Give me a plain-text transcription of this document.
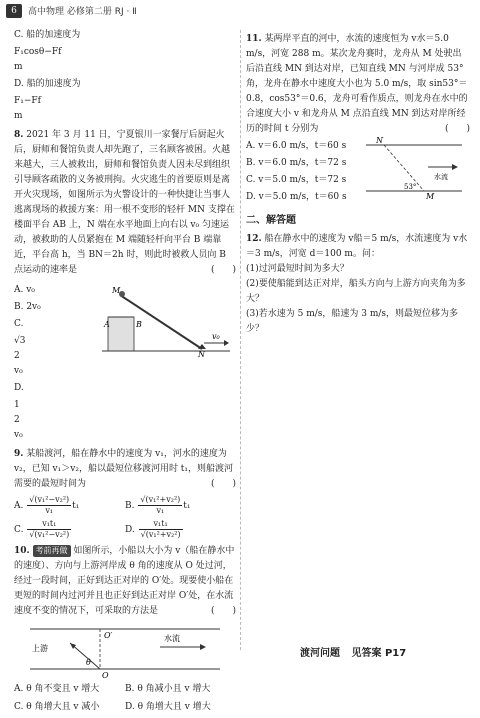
6	高中物理 必修第二册 RJ · Ⅱ

C. 船的加速度为

F₁cosθ−Ff
m

D. 船的加速度为

F₁−Ff
m

8. 2021 年 3 月 11 日，宁夏银川一家餐厅后厨起火后，厨师和餐馆负责人却先跑了，三名顾客被困。火越来越大，三人被救出，厨师和餐馆负责人因未尽到组织引导顾客疏散的义务被刑拘。火灾逃生的首要原则是离开火灾现场，如图所示为火警设计的一种快捷让当事人逃离现场的救援方案：用一根不变形的轻杆 MN 支撑在楼面平台 AB 上，N 端在水平地面上向右以 v₀ 匀速运动，被救助的人员紧抱在 M 端随轻杆向平台 B 端靠近，平台高 h，当 BN＝2h 时，则此时被救人员向 B 点运动的速率是	(　　)

A. v₀

B. 2v₀

C.

√3
2
v₀

D.

1
2
v₀

M
A	B
N
v₀

9. 某船渡河，船在静水中的速度为 v₁，河水的速度为 v₂，已知 v₁＞v₂，船以最短位移渡河用时 t₁，则船渡河需要的最短时间为	(　　)

A. $\frac{\text{√(v₁²−v₂²)}}{\text{v₁}} t_1$	B. $\frac{\text{√(v₁²+v₂²)}}{\text{v₁}} t_1$
C. $\frac{\text{v₁t₁}}{\text{√(v₁²−v₂²)}}$	D. $\frac{\text{v₁t₁}}{\text{√(v₁²+v₂²)}}$

10. 考前再做 如图所示，小船以大小为 v（船在静水中的速度）、方向与上游河岸成 θ 角的速度从 O 处过河，经过一段时间，正好到达正对岸的 O′处。现要使小船在更短的时间内过河并且也正好到达正对岸 O′处，在水流速度不变的情况下，可采取的方法是	(　　)

O′
上游
水流
θ
O
A. θ 角不变且 v 增大	B. θ 角减小且 v 增大
C. θ 角增大且 v 减小	D. θ 角增大且 v 增大

11. 某两岸平直的河中，水流的速度恒为 v水＝5.0 m/s，河宽 288 m。某次龙舟赛时，龙舟从 M 处驶出后沿直线 MN 到达对岸，已知直线 MN 与河岸成 53° 角，龙舟在静水中速度大小也为 5.0 m/s，取 sin53°＝0.8，cos53°＝0.6，龙舟可看作质点，则龙舟在水中的合速度大小 v 和龙舟从 M 点沿直线 MN 到达对岸所经历的时间 t 分别为	(　　)

A. v＝6.0 m/s，t＝60 s

B. v＝6.0 m/s，t＝72 s

C. v＝5.0 m/s，t＝72 s

D. v＝5.0 m/s，t＝60 s

N
M
53°
水流

二、解答题

12. 船在静水中的速度为 v船＝5 m/s，水流速度为 v水＝3 m/s，河宽 d＝100 m。问：

(1)过河最短时间为多大？

(2)要使船能到达正对岸，船头方向与上游方向夹角为多大？

(3)若水速为 5 m/s，船速为 3 m/s，则最短位移为多少？

渡河问题 见答案 P17
